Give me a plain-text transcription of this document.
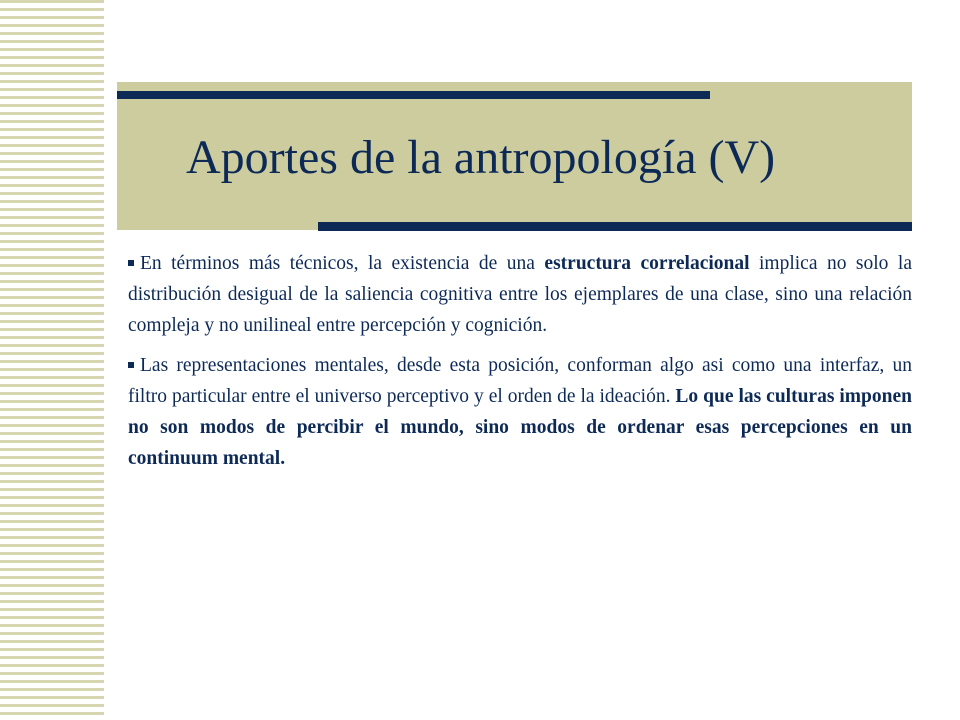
Aportes de la antropología (V)

En términos más técnicos, la existencia de una estructura correlacional implica no solo la distribución desigual de la saliencia cognitiva entre los ejemplares de una clase, sino una relación compleja y no unilineal entre percepción y cognición.

Las representaciones mentales, desde esta posición, conforman algo asi como una interfaz, un filtro particular entre el universo perceptivo y el orden de la ideación. Lo que las culturas imponen no son modos de percibir el mundo, sino modos de ordenar esas percepciones en un continuum mental.
